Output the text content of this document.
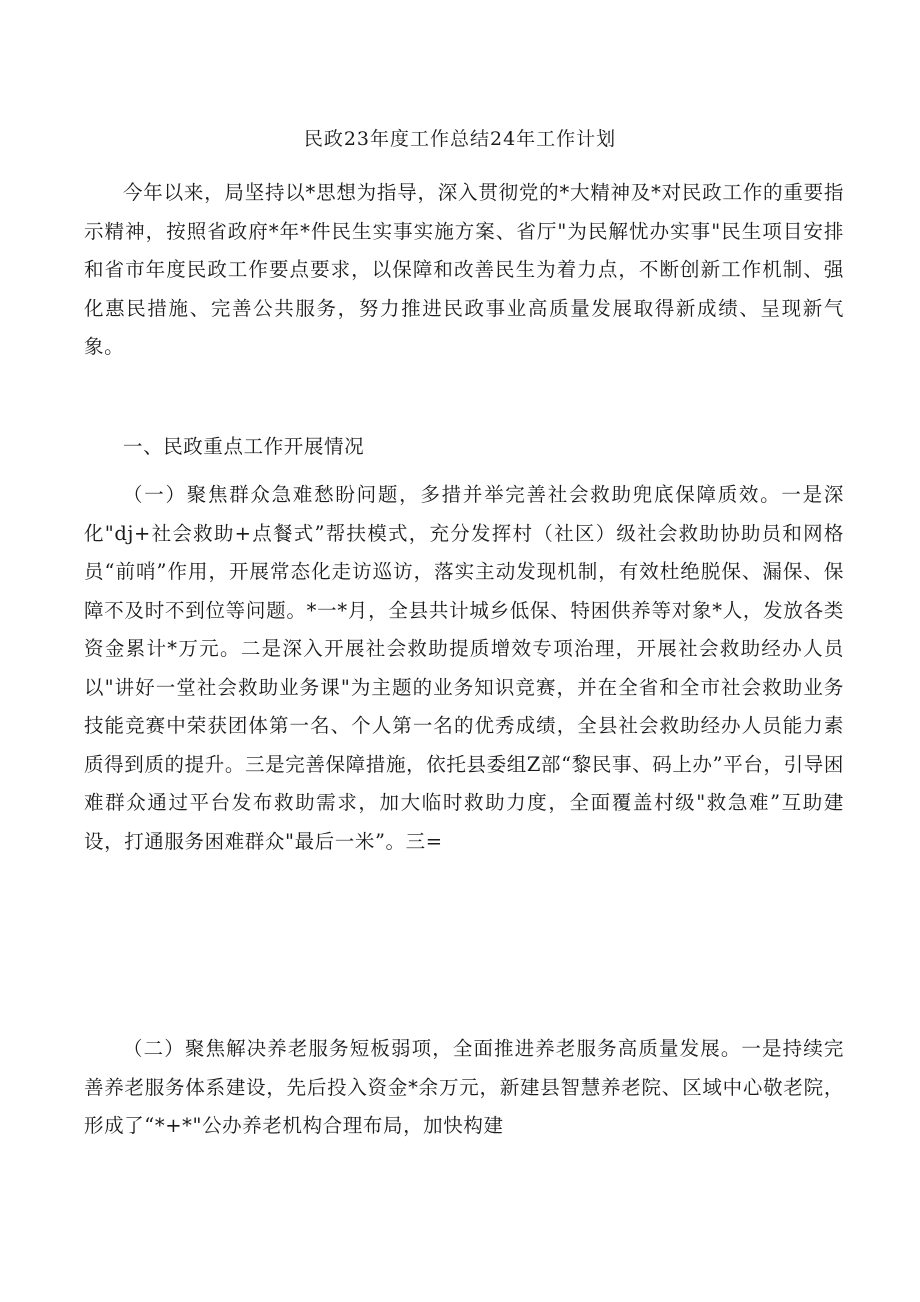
民政23年度工作总结24年工作计划

今年以来，局坚持以*思想为指导，深入贯彻党的*大精神及*对民政工作的重要指示精神，按照省政府*年*件民生实事实施方案、省厅"为民解忧办实事"民生项目安排和省市年度民政工作要点要求，以保障和改善民生为着力点，不断创新工作机制、强化惠民措施、完善公共服务，努力推进民政事业高质量发展取得新成绩、呈现新气象。

一、民政重点工作开展情况

（一）聚焦群众急难愁盼问题，多措并举完善社会救助兜底保障质效。一是深化"dj+社会救助+点餐式”帮扶模式，充分发挥村（社区）级社会救助协助员和网格员“前哨”作用，开展常态化走访巡访，落实主动发现机制，有效杜绝脱保、漏保、保障不及时不到位等问题。*一*月，全县共计城乡低保、特困供养等对象*人，发放各类资金累计*万元。二是深入开展社会救助提质增效专项治理，开展社会救助经办人员以"讲好一堂社会救助业务课"为主题的业务知识竞赛，并在全省和全市社会救助业务技能竞赛中荣获团体第一名、个人第一名的优秀成绩，全县社会救助经办人员能力素质得到质的提升。三是完善保障措施，依托县委组Z部“黎民事、码上办”平台，引导困难群众通过平台发布救助需求，加大临时救助力度，全面覆盖村级"救急难”互助建设，打通服务困难群众"最后一米”。三=

（二）聚焦解决养老服务短板弱项，全面推进养老服务高质量发展。一是持续完善养老服务体系建设，先后投入资金*余万元，新建县智慧养老院、区域中心敬老院，形成了“*+*"公办养老机构合理布局，加快构建
